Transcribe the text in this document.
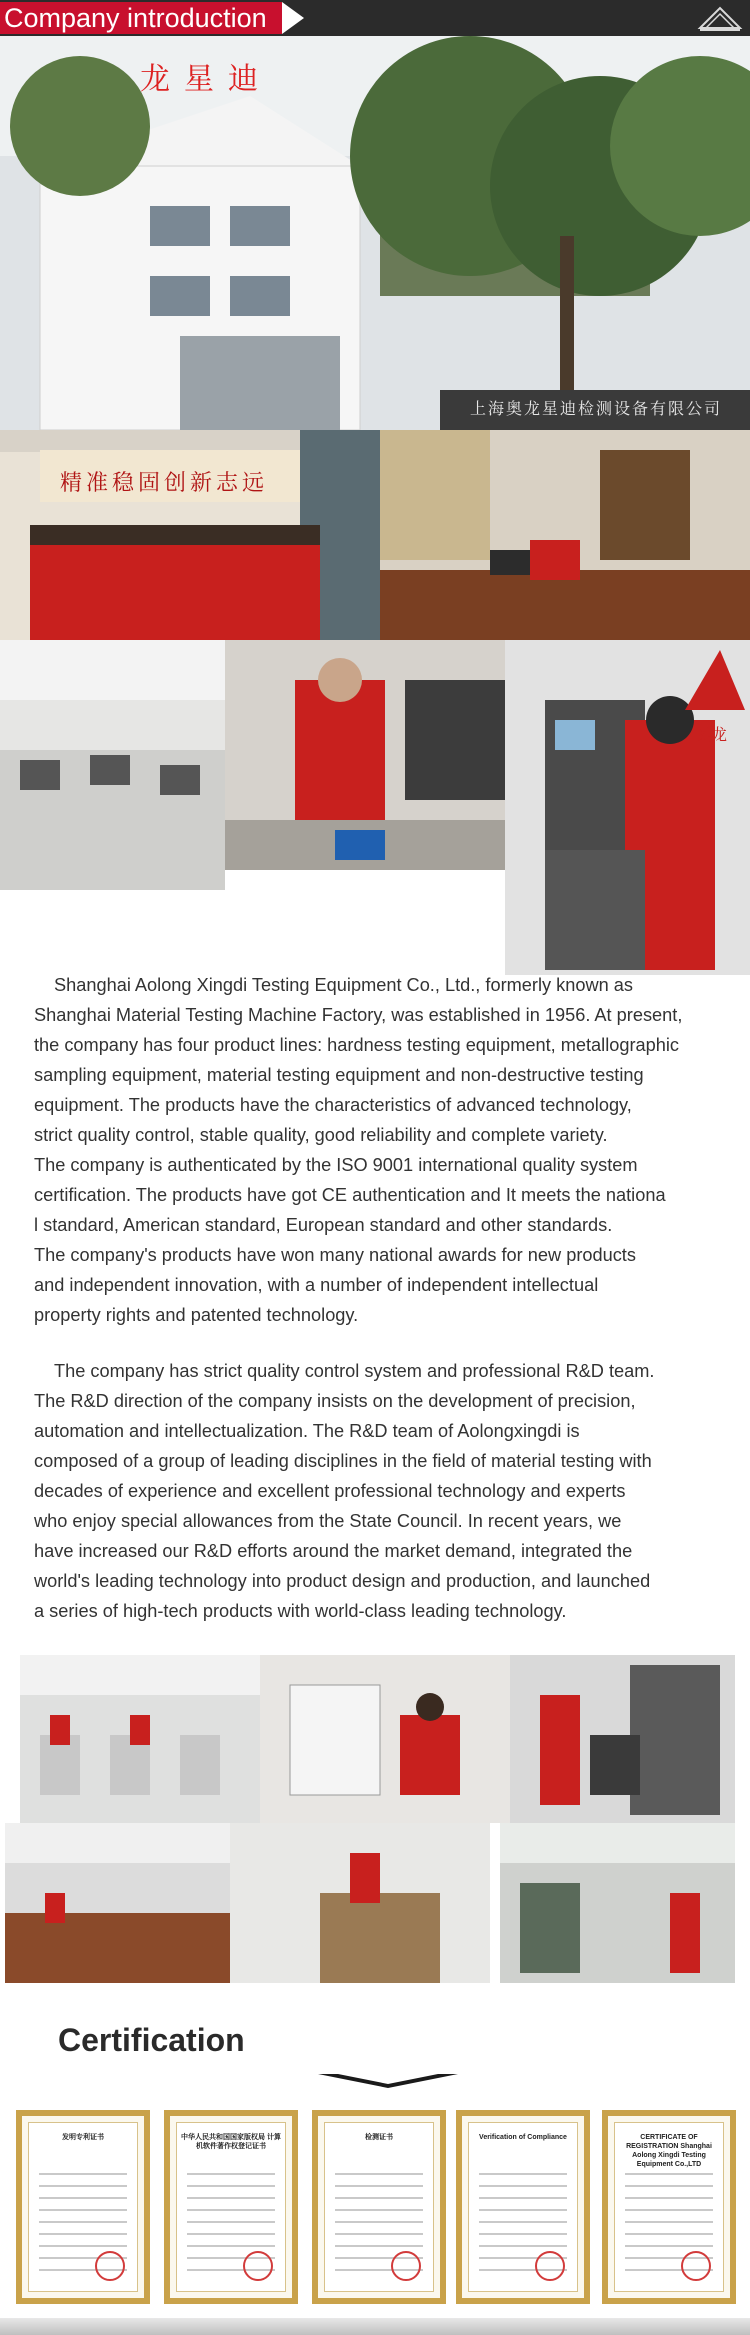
Company introduction
龙星迪
上海奥龙星迪检测设备有限公司
精准稳固创新志远
奥龙
Shanghai Aolong Xingdi Testing Equipment Co., Ltd., formerly known as
Shanghai Material Testing Machine Factory, was established in 1956. At present,
the company has four product lines: hardness testing equipment, metallographic
sampling equipment, material testing equipment and non-destructive testing
equipment. The products have the characteristics of advanced technology,
strict quality control, stable quality, good reliability and complete variety.
The company is authenticated by the ISO 9001 international quality system
certification. The products have got CE authentication and It meets the nationa
l standard, American standard, European standard and other standards.
The company's products have won many national awards for new products
and independent innovation, with a number of independent intellectual
property rights and patented technology.
The company has strict quality control system and professional R&D team.
The R&D direction of the company insists on the development of precision,
automation and intellectualization. The R&D team of Aolongxingdi is
composed of a group of leading disciplines in the field of material testing with
decades of experience and excellent professional technology and experts
who enjoy special allowances from the State Council. In recent years, we
have increased our R&D efforts around the market demand, integrated the
world's leading technology into product design and production, and launched
a series of high-tech products with world-class leading technology.
Certification
发明专利证书	中华人民共和国国家版权局 计算机软件著作权登记证书
检测证书	Verification of Compliance	CERTIFICATE OF REGISTRATION Shanghai Aolong Xingdi Testing Equipment Co.,LTD
